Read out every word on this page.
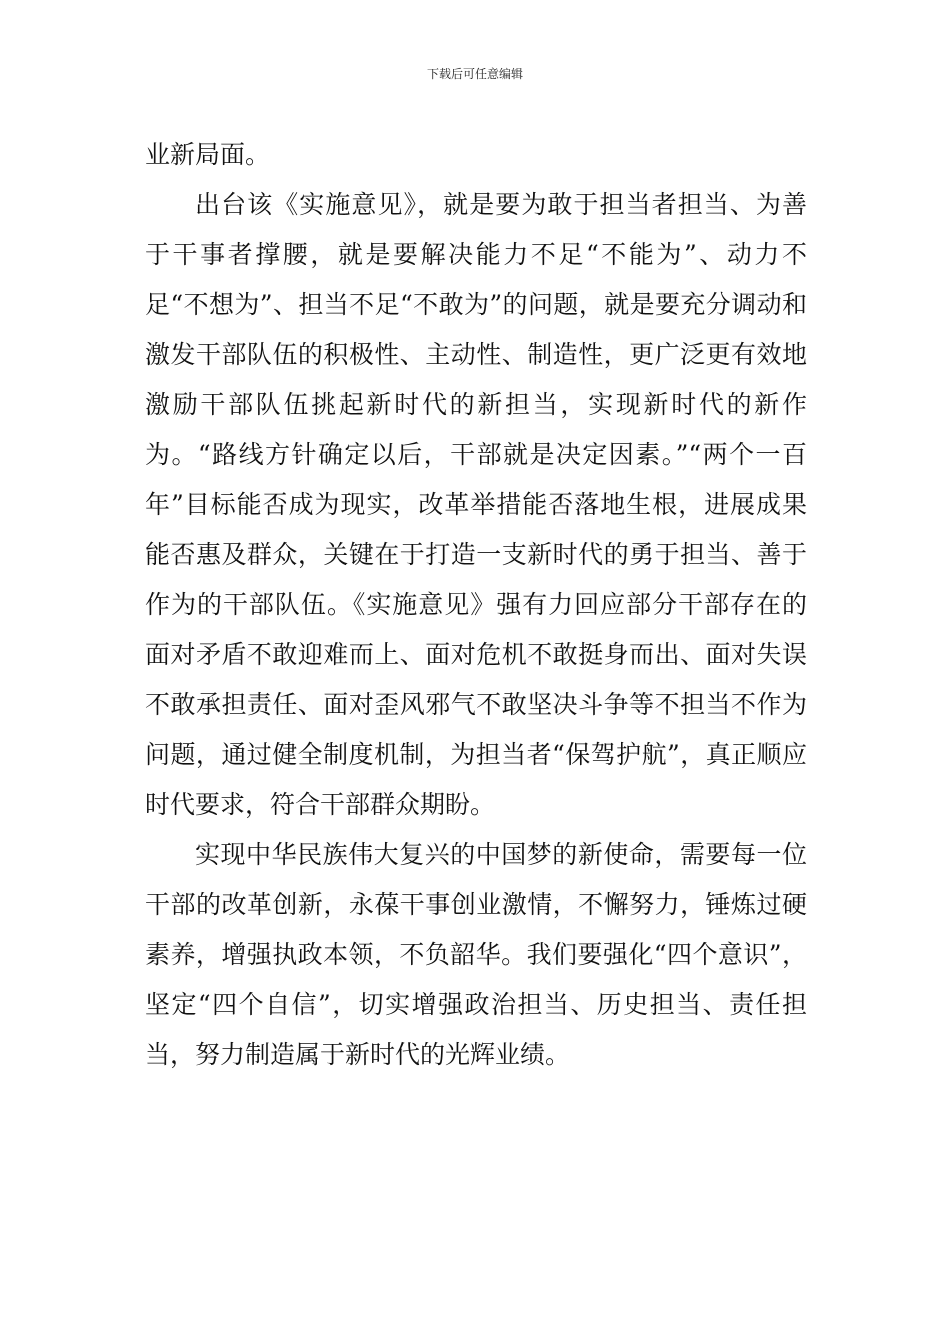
下载后可任意编辑

业新局面。

出台该《实施意见》，就是要为敢于担当者担当、为善于干事者撑腰，就是要解决能力不足“不能为”、动力不足“不想为”、担当不足“不敢为”的问题，就是要充分调动和激发干部队伍的积极性、主动性、制造性，更广泛更有效地激励干部队伍挑起新时代的新担当，实现新时代的新作为。“路线方针确定以后，干部就是决定因素。”“两个一百年”目标能否成为现实，改革举措能否落地生根，进展成果能否惠及群众，关键在于打造一支新时代的勇于担当、善于作为的干部队伍。《实施意见》强有力回应部分干部存在的面对矛盾不敢迎难而上、面对危机不敢挺身而出、面对失误不敢承担责任、面对歪风邪气不敢坚决斗争等不担当不作为问题，通过健全制度机制，为担当者“保驾护航”，真正顺应时代要求，符合干部群众期盼。

实现中华民族伟大复兴的中国梦的新使命，需要每一位干部的改革创新，永葆干事创业激情，不懈努力，锤炼过硬素养，增强执政本领，不负韶华。我们要强化“四个意识”，坚定“四个自信”，切实增强政治担当、历史担当、责任担当，努力制造属于新时代的光辉业绩。
